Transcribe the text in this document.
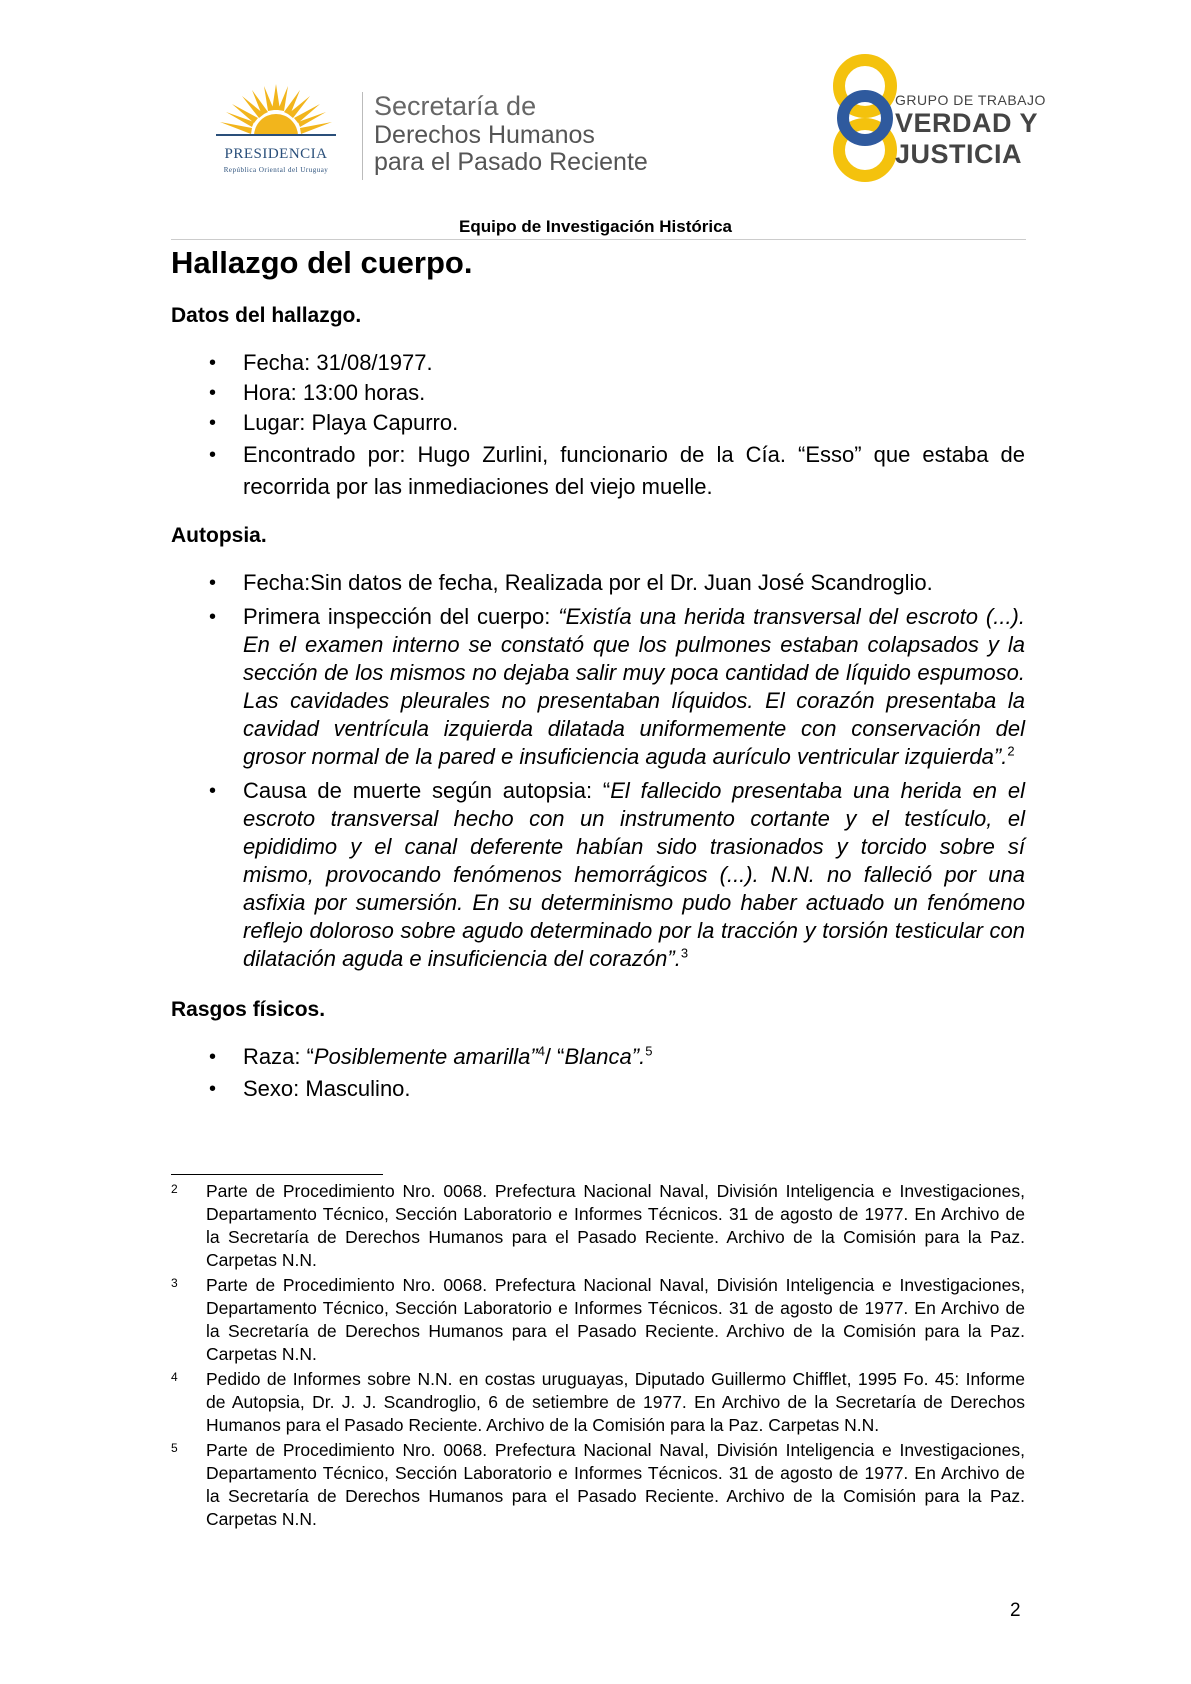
PRESIDENCIA
República Oriental del Uruguay
Secretaría de
Derechos Humanos
para el Pasado Reciente
GRUPO DE TRABAJO
VERDAD Y
JUSTICIA
Equipo de Investigación Histórica
Hallazgo del cuerpo.
Datos del hallazgo.
• Fecha: 31/08/1977.
• Hora: 13:00 horas.
• Lugar: Playa Capurro.
• Encontrado por: Hugo Zurlini, funcionario de la Cía. “Esso” que estaba de recorrida por las inmediaciones del viejo muelle.
Autopsia.
• Fecha:Sin datos de fecha, Realizada por el Dr. Juan José Scandroglio.
• Primera inspección del cuerpo: “Existía una herida transversal del escroto (...). En el examen interno se constató que los pulmones estaban colapsados y la sección de los mismos no dejaba salir muy poca cantidad de líquido espumoso. Las cavidades pleurales no presentaban líquidos. El corazón presentaba la cavidad ventrícula izquierda dilatada uniformemente con conservación del grosor normal de la pared e insuficiencia aguda aurículo ventricular izquierda”.$^2$
• Causa de muerte según autopsia: “El fallecido presentaba una herida en el escroto transversal hecho con un instrumento cortante y el testículo, el epididimo y el canal deferente habían sido trasionados y torcido sobre sí mismo, provocando fenómenos hemorrágicos (...). N.N. no falleció por una asfixia por sumersión. En su determinismo pudo haber actuado un fenómeno reflejo doloroso sobre agudo determinado por la tracción y torsión testicular con dilatación aguda e insuficiencia del corazón”.$^3$
Rasgos físicos.
• Raza: “Posiblemente amarilla”$^4$/ “Blanca”.$^5$
• Sexo: Masculino.
2 Parte de Procedimiento Nro. 0068. Prefectura Nacional Naval, División Inteligencia e Investigaciones, Departamento Técnico, Sección Laboratorio e Informes Técnicos. 31 de agosto de 1977. En Archivo de la Secretaría de Derechos Humanos para el Pasado Reciente. Archivo de la Comisión para la Paz. Carpetas N.N.
3 Parte de Procedimiento Nro. 0068. Prefectura Nacional Naval, División Inteligencia e Investigaciones, Departamento Técnico, Sección Laboratorio e Informes Técnicos. 31 de agosto de 1977. En Archivo de la Secretaría de Derechos Humanos para el Pasado Reciente. Archivo de la Comisión para la Paz. Carpetas N.N.
4 Pedido de Informes sobre N.N. en costas uruguayas, Diputado Guillermo Chifflet, 1995 Fo. 45: Informe de Autopsia, Dr. J. J. Scandroglio, 6 de setiembre de 1977. En Archivo de la Secretaría de Derechos Humanos para el Pasado Reciente. Archivo de la Comisión para la Paz. Carpetas N.N.
5 Parte de Procedimiento Nro. 0068. Prefectura Nacional Naval, División Inteligencia e Investigaciones, Departamento Técnico, Sección Laboratorio e Informes Técnicos. 31 de agosto de 1977. En Archivo de la Secretaría de Derechos Humanos para el Pasado Reciente. Archivo de la Comisión para la Paz. Carpetas N.N.
2
